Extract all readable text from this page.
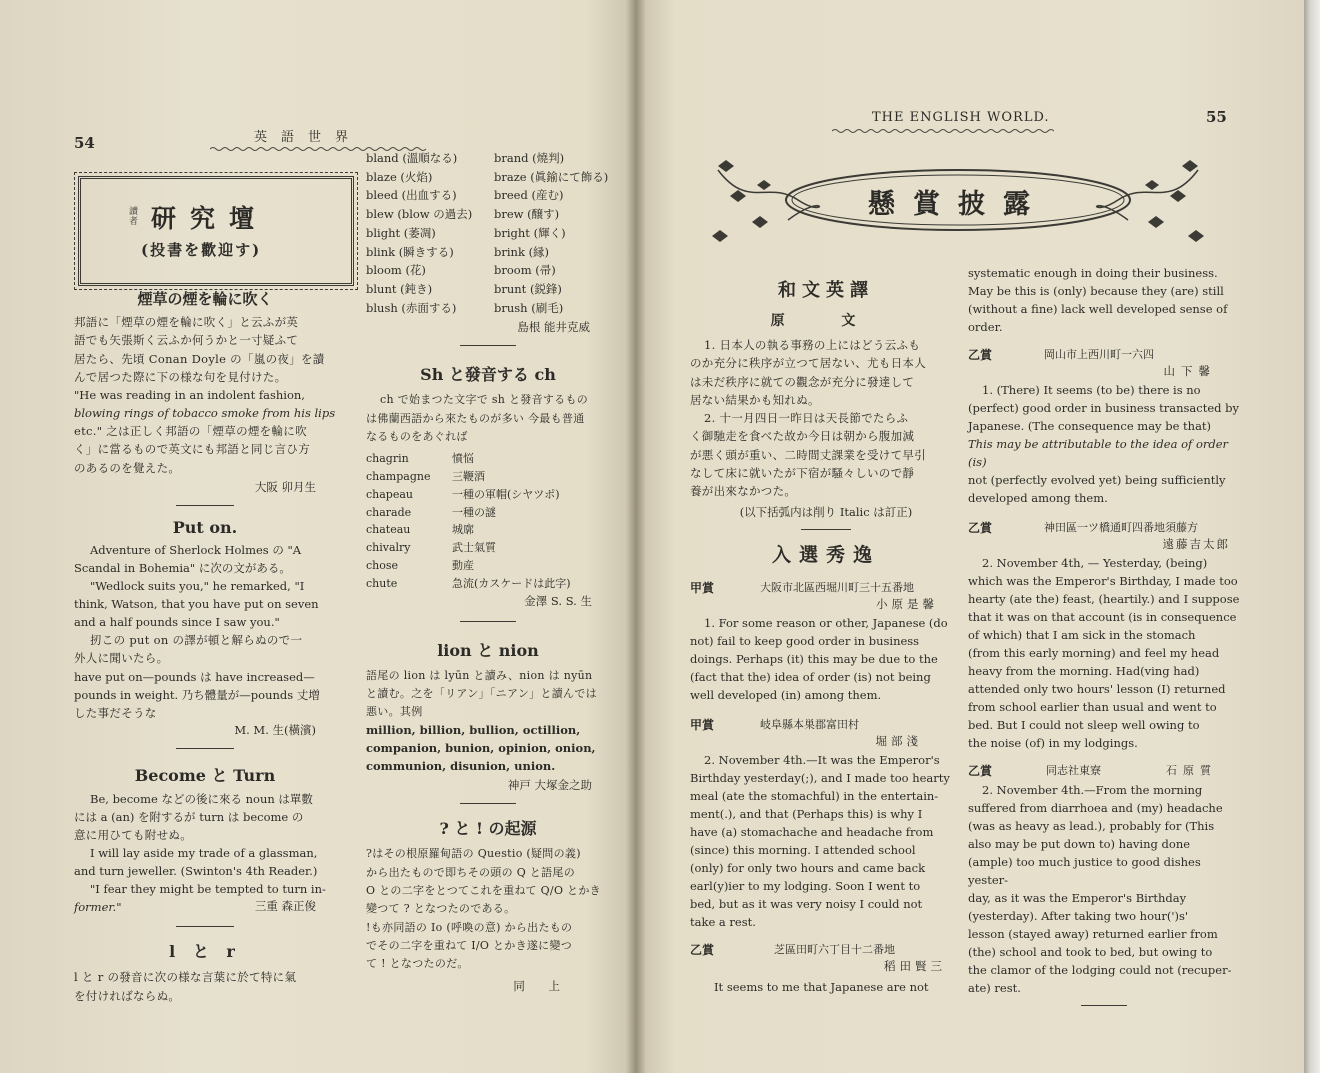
54	英語世界
讀者 研究壇
(投書を歡迎す)
煙草の煙を輪に吹く

邦語に「煙草の煙を輪に吹く」と云ふが英

語でも矢張斯く云ふか何うかと一寸疑ふて

居たら、先頃 Conan Doyle の「嵐の夜」を讀

んで居つた際に下の様な句を見付けた。

"He was reading in an indolent fashion,

blowing rings of tobacco smoke from his lips

etc." 之は正しく邦語の「煙草の煙を輪に吹

く」に當るもので英文にも邦語と同じ言ひ方

のあるのを覺えた。

大阪 卯月生
Put on.

Adventure of Sherlock Holmes の "A

Scandal in Bohemia" に次の文がある。

"Wedlock suits you," he remarked, "I

think, Watson, that you have put on seven

and a half pounds since I saw you."

扨この put on の譯が頓と解らぬので一

外人に聞いたら。

have put on—pounds は have increased—

pounds in weight. 乃ち體量が—pounds 丈増

した事だそうな

M. M. 生(橫濱)
Become と Turn

Be, become などの後に來る noun は單數

には a (an) を附するが turn は become の

意に用ひても附せぬ。

I will lay aside my trade of a glassman,

and turn jeweller. (Swinton's 4th Reader.)

"I fear they might be tempted to turn in-

former."	三重 森正俊
l と r

l と r の發音に次の様な言葉に於て特に氣

を付ければならぬ。

bland (溫順なる)	brand (燒判)
blaze (火焰)	braze (眞鍮にて飾る)
bleed (出血する)	breed (産む)
blew (blow の過去)	brew (醸す)
blight (萎凋)	bright (輝く)
blink (瞬きする)	brink (縁)
bloom (花)	broom (帚)
blunt (鈍き)	brunt (鋭鋒)
blush (赤面する)	brush (刷毛)
島根 能井克威
Sh と發音する ch

ch で始まつた文字で sh と發音するもの

は佛蘭西語から來たものが多い 今最も普通

なるものをあぐれば

chagrin	憤悩
champagne	三鞭酒
chapeau	一種の軍帽(シヤツポ)
charade	一種の謎
chateau	城廓
chivalry	武士氣質
chose	動産
chute	急流(カスケードは此字)
金澤 S. S. 生
lion と nion

語尾の lion は lyūn と讀み、nion は nyūn

と讀む。之を「リアン」「ニアン」と讀んでは

悪い。其例

million, billion, bullion, octillion,

companion, bunion, opinion, onion,

communion, disunion, union.

神戸 大塚金之助
? と ! の起源

?はその根原羅甸語の Questio (疑問の義)

から出たもので即ちその頭の Q と語尾の

O との二字をとつてこれを重ねて Q/O とかき

變つて ? となつたのである。

!も亦同語の Io (呼喚の意) から出たもの

でその二字を重ねて I/O とかき遂に變つ

て ! となつたのだ。

同 上
THE ENGLISH WORLD.	55
懸賞披露
和文英譯
原 文

1. 日本人の執る事務の上にはどう云ふも

のか充分に秩序が立つて居ない、尤も日本人

は未だ秩序に就ての觀念が充分に發達して

居ない結果かも知れぬ。

2. 十一月四日一昨日は天長節でたらふ

く御馳走を食べた故か今日は朝から腹加減

が悪く頭が重い、二時間丈課業を受けて早引

なして床に就いたが下宿が騷々しいので靜

養が出來なかつた。

(以下括弧内は削り Italic は訂正)
入選秀逸
甲賞	大阪市北區西堀川町三十五番地
小原是馨

1. For some reason or other, Japanese (do

not) fail to keep good order in business

doings. Perhaps (it) this may be due to the

(fact that the) idea of order (is) not being

well developed (in) among them.

甲賞	岐阜縣本巣郡富田村
堀部淺

2. November 4th.—It was the Emperor's

Birthday yesterday(;), and I made too hearty

meal (ate the stomachful) in the entertain-

ment(.), and that (Perhaps this) is why I

have (a) stomachache and headache from

(since) this morning. I attended school

(only) for only two hours and came back

earl(y)ier to my lodging. Soon I went to

bed, but as it was very noisy I could not

take a rest.

乙賞	芝區田町六丁目十二番地
稻田賢三

It seems to me that Japanese are not

systematic enough in doing their business.

May be this is (only) because they (are) still

(without a fine) lack well developed sense of

order.

乙賞	岡山市上西川町一六四
山下馨

1. (There) It seems (to be) there is no

(perfect) good order in business transacted by

Japanese. (The consequence may be that)

This may be attributable to the idea of order (is)

not (perfectly evolved yet) being sufficiently

developed among them.

乙賞	神田區一ツ橋通町四番地須藤方
遠藤吉太郎

2. November 4th, — Yesterday, (being)

which was the Emperor's Birthday, I made too

hearty (ate the) feast, (heartily.) and I suppose

that it was on that account (is in consequence

of which) that I am sick in the stomach

(from this early morning) and feel my head

heavy from the morning. Had(ving had)

attended only two hours' lesson (I) returned

from school earlier than usual and went to

bed. But I could not sleep well owing to

the noise (of) in my lodgings.

乙賞	同志社東寮	石原質

2. November 4th.—From the morning

suffered from diarrhoea and (my) headache

(was as heavy as lead.), probably for (This

also may be put down to) having done

(ample) too much justice to good dishes yester-

day, as it was the Emperor's Birthday

(yesterday). After taking two hour(')s'

lesson (stayed away) returned earlier from

(the) school and took to bed, but owing to

the clamor of the lodging could not (recuper-

ate) rest.
